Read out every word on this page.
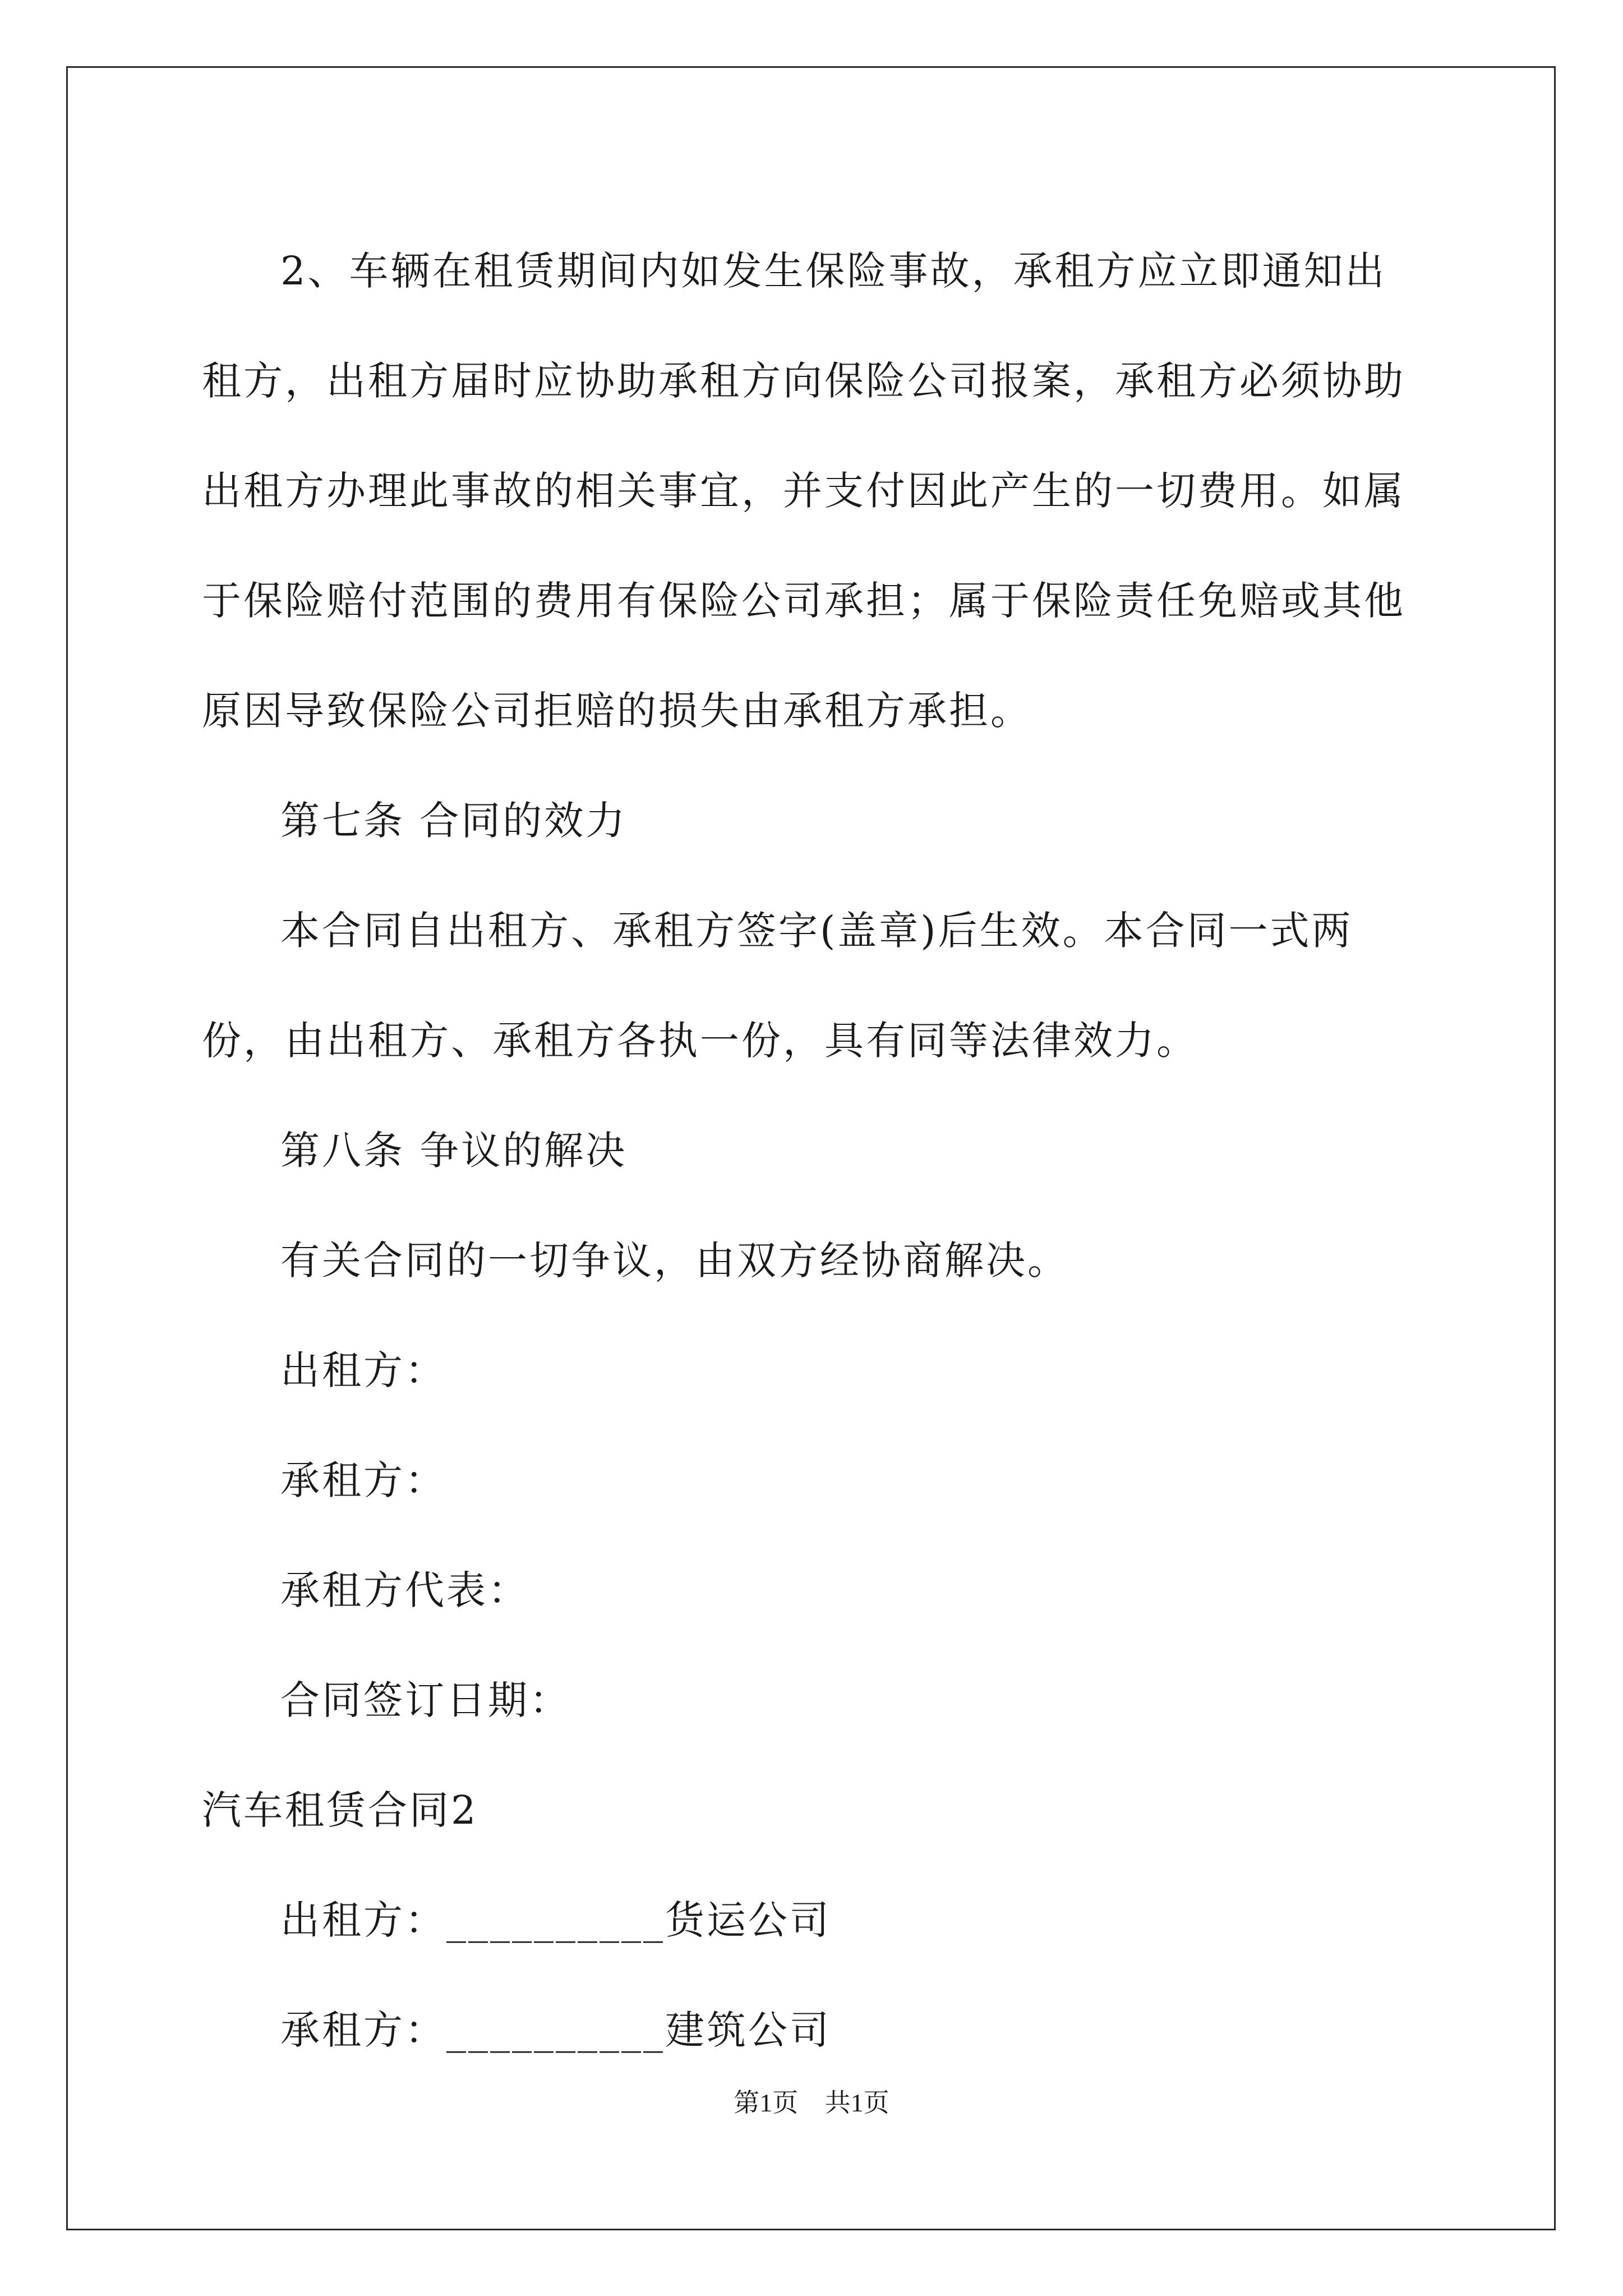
2、车辆在租赁期间内如发生保险事故，承租方应立即通知出租方，出租方届时应协助承租方向保险公司报案，承租方必须协助出租方办理此事故的相关事宜，并支付因此产生的一切费用。如属于保险赔付范围的费用有保险公司承担；属于保险责任免赔或其他原因导致保险公司拒赔的损失由承租方承担。

第七条 合同的效力

本合同自出租方、承租方签字(盖章)后生效。本合同一式两份，由出租方、承租方各执一份，具有同等法律效力。

第八条 争议的解决

有关合同的一切争议，由双方经协商解决。

出租方：

承租方：

承租方代表：

合同签订日期：

汽车租赁合同2

出租方：__________货运公司

承租方：__________建筑公司

第1页 共1页
